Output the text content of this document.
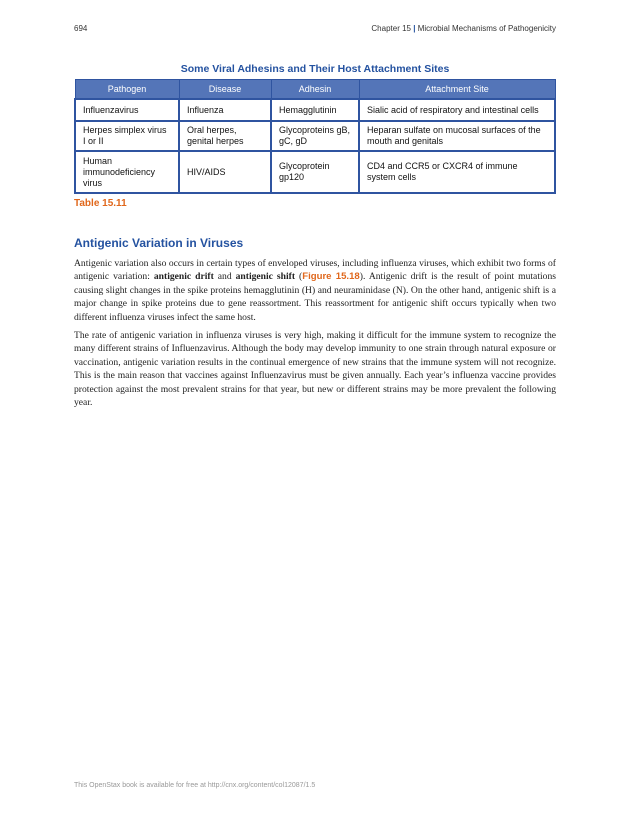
694	Chapter 15 | Microbial Mechanisms of Pathogenicity
Some Viral Adhesins and Their Host Attachment Sites
Pathogen	Disease	Adhesin	Attachment Site
Influenzavirus	Influenza	Hemagglutinin	Sialic acid of respiratory and intestinal cells
Herpes simplex virus I or II	Oral herpes, genital herpes	Glycoproteins gB, gC, gD	Heparan sulfate on mucosal surfaces of the mouth and genitals
Human immunodeficiency virus	HIV/AIDS	Glycoprotein gp120	CD4 and CCR5 or CXCR4 of immune system cells
Table 15.11
Antigenic Variation in Viruses

Antigenic variation also occurs in certain types of enveloped viruses, including influenza viruses, which exhibit two forms of antigenic variation: antigenic drift and antigenic shift (Figure 15.18). Antigenic drift is the result of point mutations causing slight changes in the spike proteins hemagglutinin (H) and neuraminidase (N). On the other hand, antigenic shift is a major change in spike proteins due to gene reassortment. This reassortment for antigenic shift occurs typically when two different influenza viruses infect the same host.

The rate of antigenic variation in influenza viruses is very high, making it difficult for the immune system to recognize the many different strains of Influenzavirus. Although the body may develop immunity to one strain through natural exposure or vaccination, antigenic variation results in the continual emergence of new strains that the immune system will not recognize. This is the main reason that vaccines against Influenzavirus must be given annually. Each year’s influenza vaccine provides protection against the most prevalent strains for that year, but new or different strains may be more prevalent the following year.

This OpenStax book is available for free at http://cnx.org/content/col12087/1.5
